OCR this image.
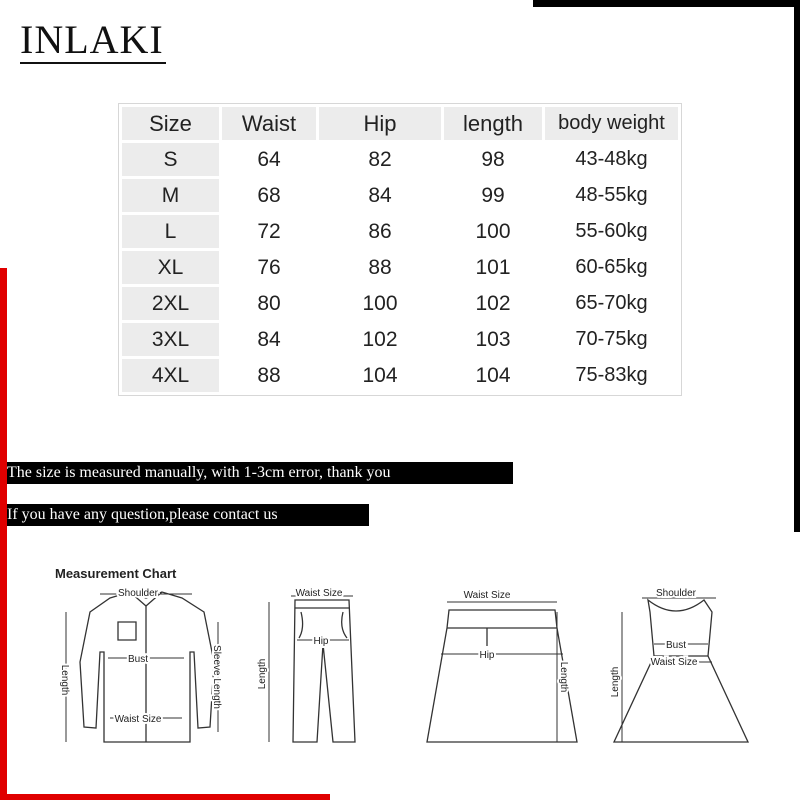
INLAKI
Size	Waist	Hip	length	body weight
S	64	82	98	43-48kg
M	68	84	99	48-55kg
L	72	86	100	55-60kg
XL	76	88	101	60-65kg
2XL	80	100	102	65-70kg
3XL	84	102	103	70-75kg
4XL	88	104	104	75-83kg
The size is measured manually, with 1-3cm error, thank you
If you have any question,please contact us
Measurement Chart
Shoulder
Bust
Waist Size
Length	Sleeve Length
Waist Size
Hip
Length
Waist Size
Hip
Length
Shoulder
Bust
Waist Size
Length
